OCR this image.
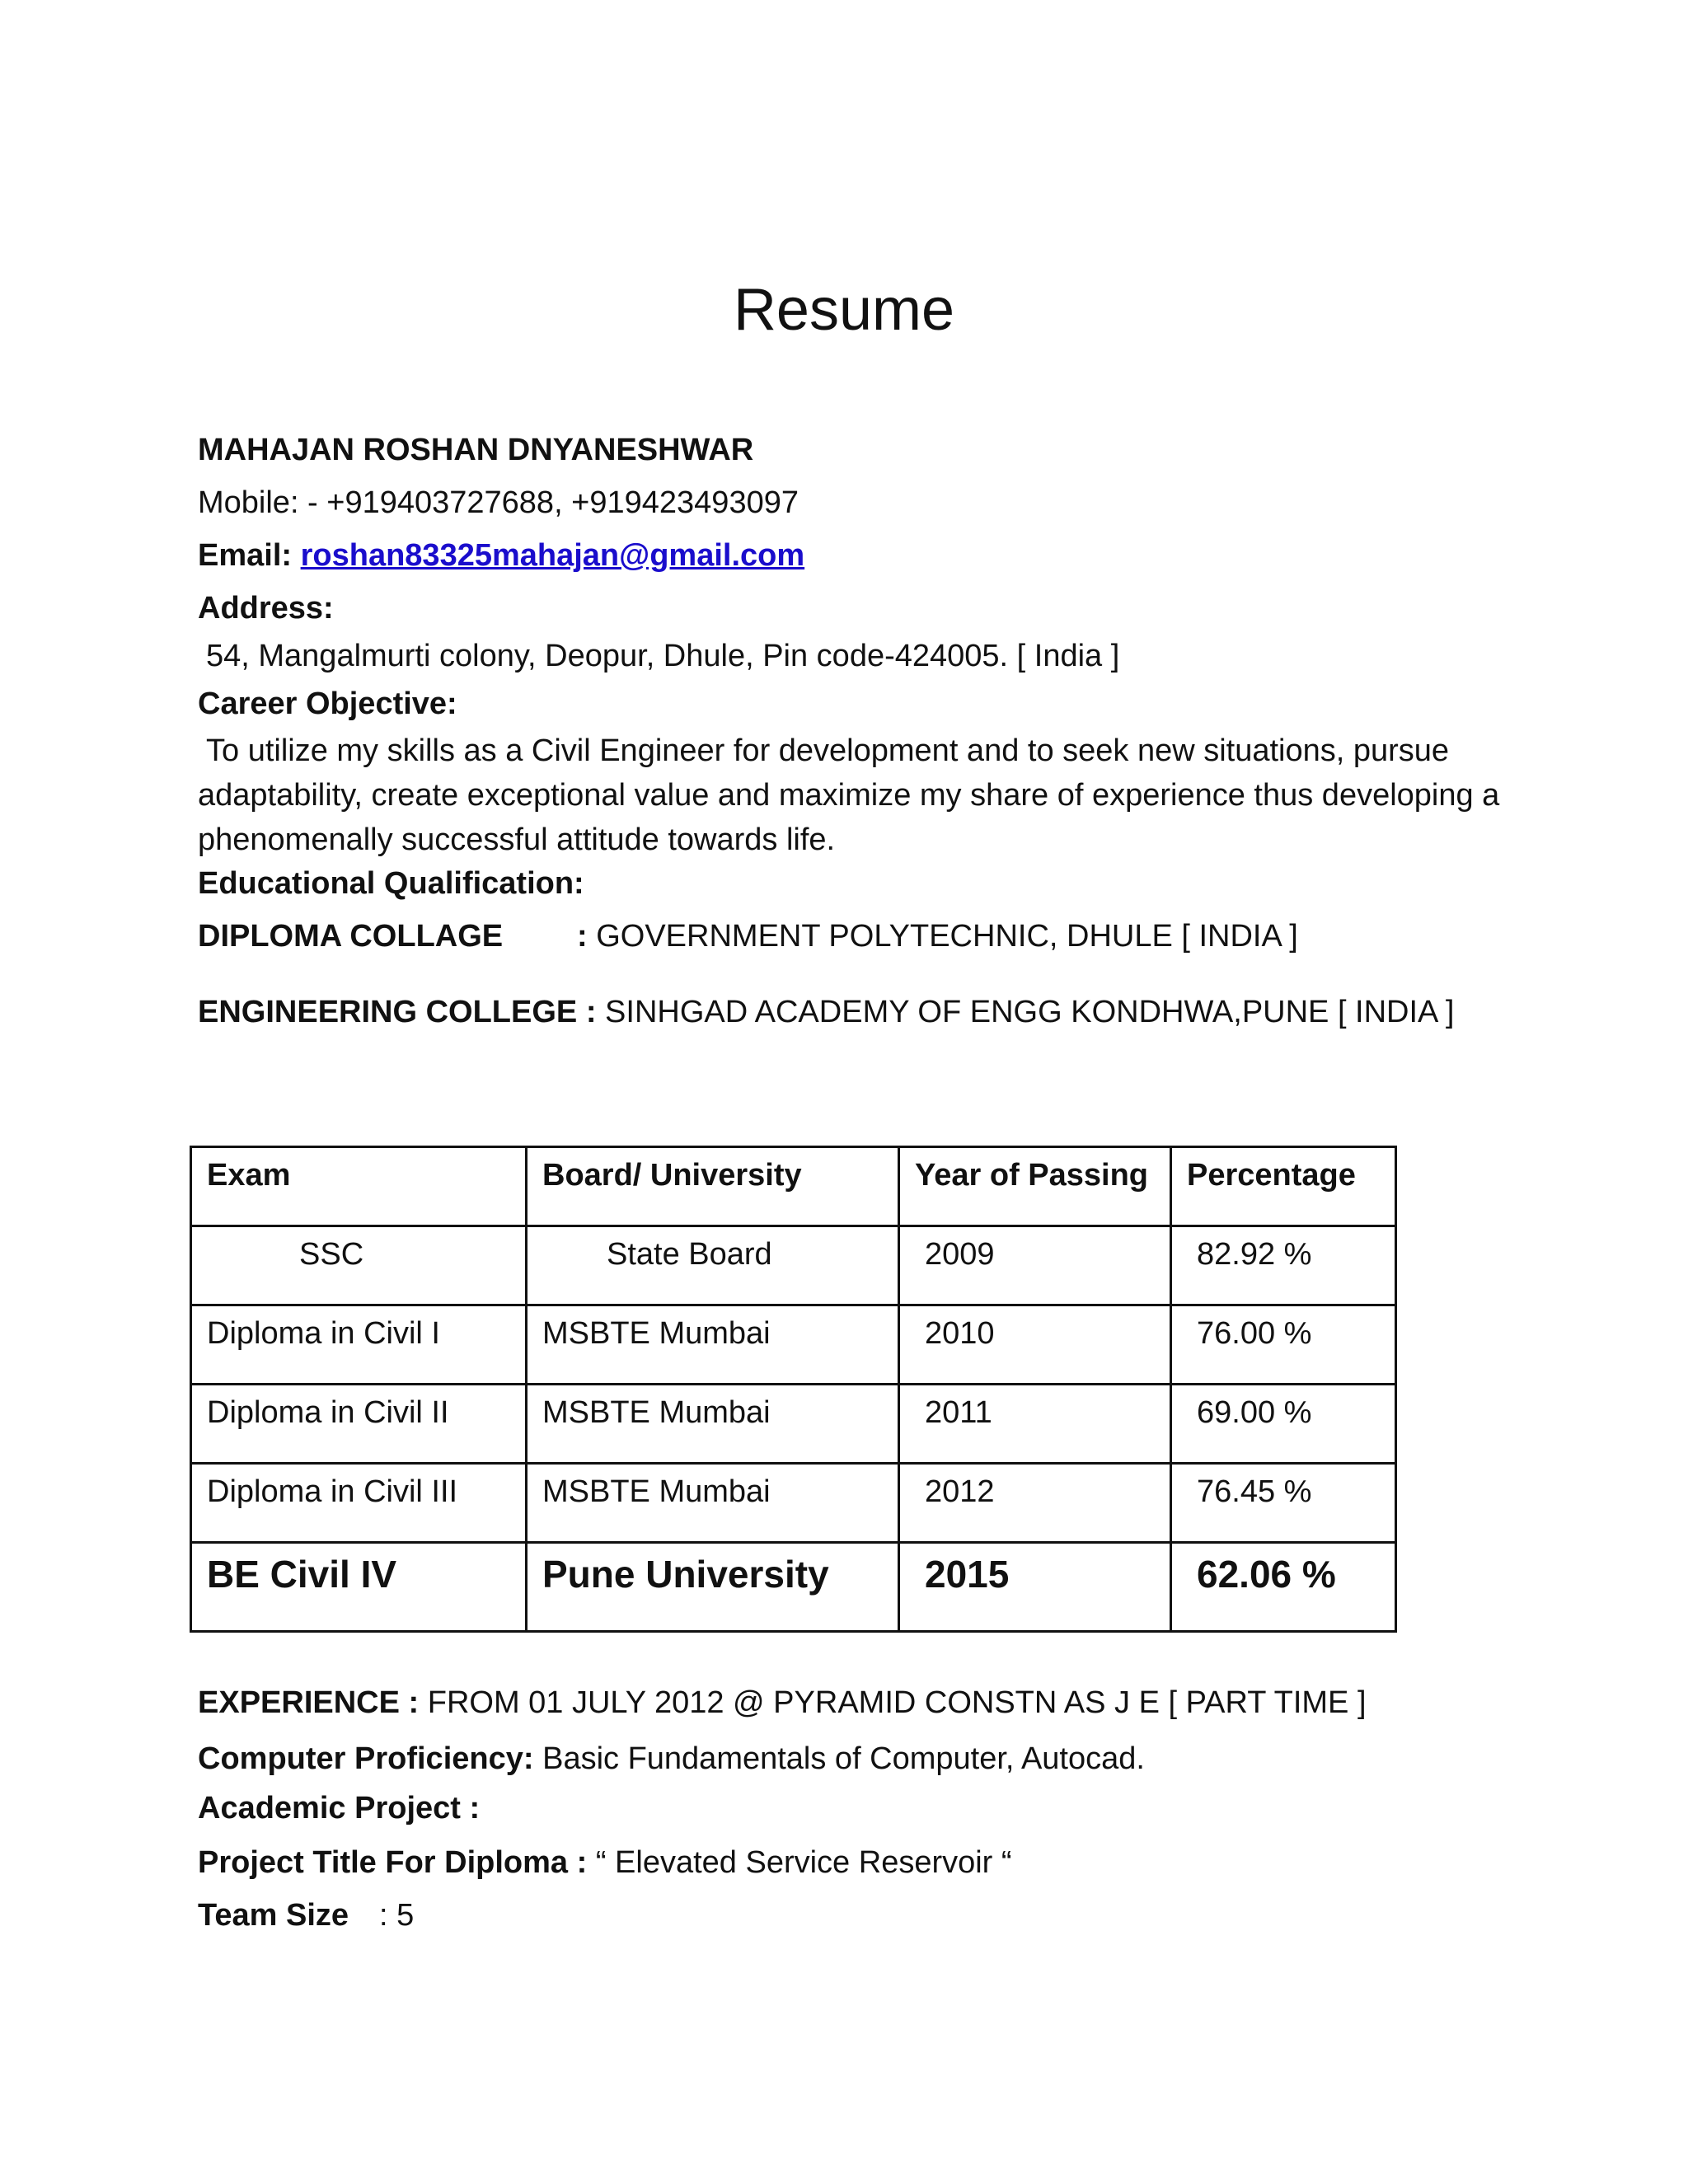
Resume
MAHAJAN ROSHAN DNYANESHWAR
Mobile: - +919403727688, +919423493097
Email: roshan83325mahajan@gmail.com
Address:
54, Mangalmurti colony, Deopur, Dhule, Pin code-424005. [ India ]
Career Objective:
To utilize my skills as a Civil Engineer for development and to seek new situations, pursue adaptability, create exceptional value and maximize my share of experience thus developing a phenomenally successful attitude towards life.
Educational Qualification:
DIPLOMA COLLAGE : GOVERNMENT POLYTECHNIC, DHULE [ INDIA ]
ENGINEERING COLLEGE : SINHGAD ACADEMY OF ENGG KONDHWA,PUNE [ INDIA ]
Exam	Board/ University	Year of Passing	Percentage

SSC	State Board	2009	82.92 %

Diploma in Civil I	MSBTE Mumbai	2010	76.00 %

Diploma in Civil II	MSBTE Mumbai	2011	69.00 %

Diploma in Civil III	MSBTE Mumbai	2012	76.45 %

BE Civil IV	Pune University	2015	62.06 %
EXPERIENCE : FROM 01 JULY 2012 @ PYRAMID CONSTN AS J E [ PART TIME ]
Computer Proficiency: Basic Fundamentals of Computer, Autocad.
Academic Project :
Project Title For Diploma : “ Elevated Service Reservoir “
Team Size : 5
